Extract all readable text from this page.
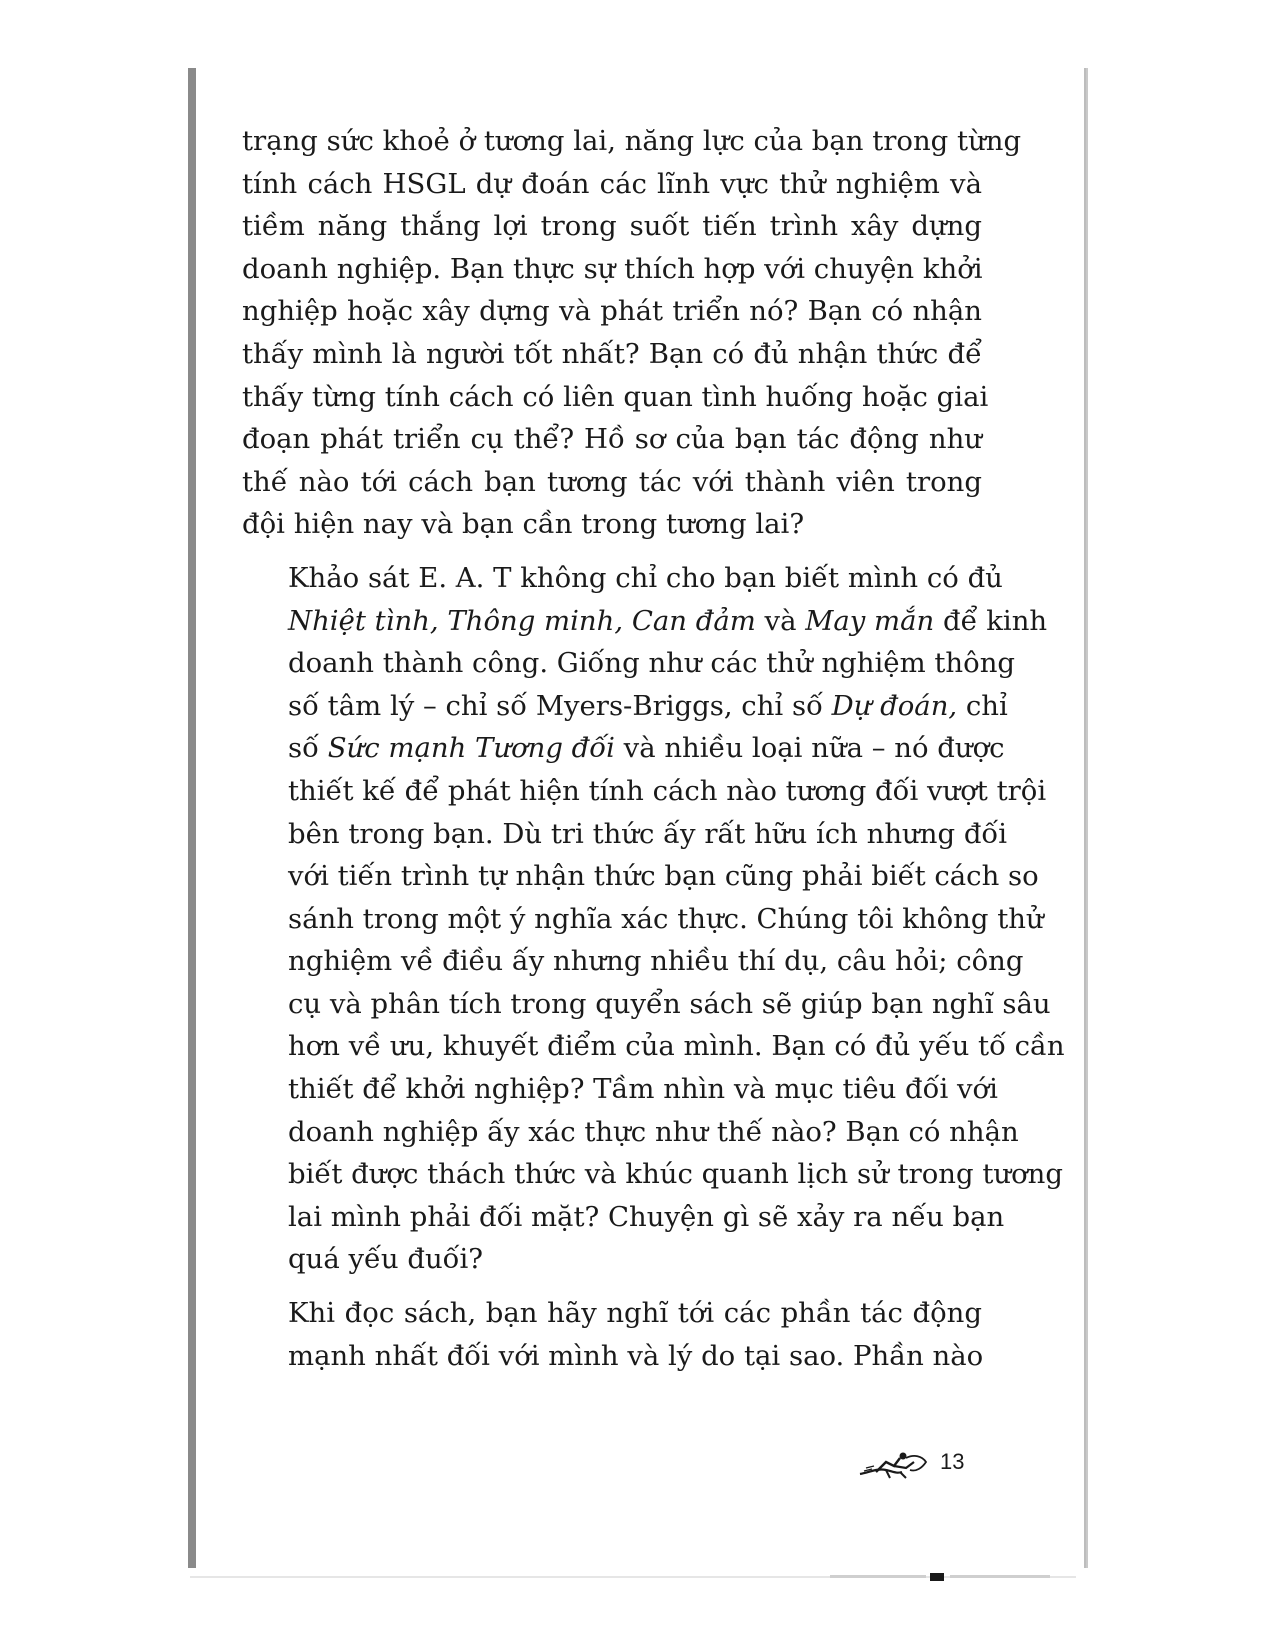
trạng sức khoẻ ở tương lai, năng lực của bạn trong từng
tính cách HSGL dự đoán các lĩnh vực thử nghiệm và
tiềm năng thắng lợi trong suốt tiến trình xây dựng
doanh nghiệp. Bạn thực sự thích hợp với chuyện khởi
nghiệp hoặc xây dựng và phát triển nó? Bạn có nhận
thấy mình là người tốt nhất? Bạn có đủ nhận thức để
thấy từng tính cách có liên quan tình huống hoặc giai
đoạn phát triển cụ thể? Hồ sơ của bạn tác động như
thế nào tới cách bạn tương tác với thành viên trong
đội hiện nay và bạn cần trong tương lai?
Khảo sát E. A. T không chỉ cho bạn biết mình có đủ
Nhiệt tình, Thông minh, Can đảm và May mắn để kinh
doanh thành công. Giống như các thử nghiệm thông
số tâm lý – chỉ số Myers-Briggs, chỉ số Dự đoán, chỉ
số Sức mạnh Tương đối và nhiều loại nữa – nó được
thiết kế để phát hiện tính cách nào tương đối vượt trội
bên trong bạn. Dù tri thức ấy rất hữu ích nhưng đối
với tiến trình tự nhận thức bạn cũng phải biết cách so
sánh trong một ý nghĩa xác thực. Chúng tôi không thử
nghiệm về điều ấy nhưng nhiều thí dụ, câu hỏi; công
cụ và phân tích trong quyển sách sẽ giúp bạn nghĩ sâu
hơn về ưu, khuyết điểm của mình. Bạn có đủ yếu tố cần
thiết để khởi nghiệp? Tầm nhìn và mục tiêu đối với
doanh nghiệp ấy xác thực như thế nào? Bạn có nhận
biết được thách thức và khúc quanh lịch sử trong tương
lai mình phải đối mặt? Chuyện gì sẽ xảy ra nếu bạn
quá yếu đuối?
Khi đọc sách, bạn hãy nghĩ tới các phần tác động
mạnh nhất đối với mình và lý do tại sao. Phần nào
13
